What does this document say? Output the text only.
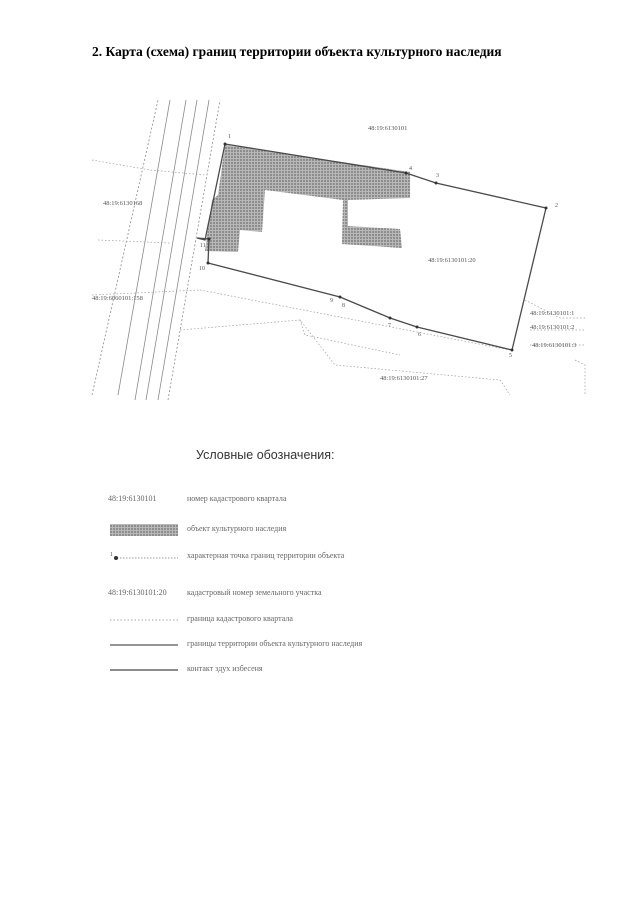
2. Карта (схема) границ территории объекта культурного наследия
1
2
3
4
5
6
7
8
9
10
11
48:19:6130101
48:19:6130168
48:19:6060101:158
48:19:6130101:20
48:19:6130101:27
48:19:6130101:1
48:19:6130101:2
48:19:6130101:3
Условные обозначения:
48:19:6130101	номер кадастрового квартала
объект культурного наследия
1	характерная точка границ территории объекта
48:19:6130101:20	кадастровый номер земельного участка
граница кадастрового квартала
границы территории объекта культурного наследия
контакт здух избесеня
